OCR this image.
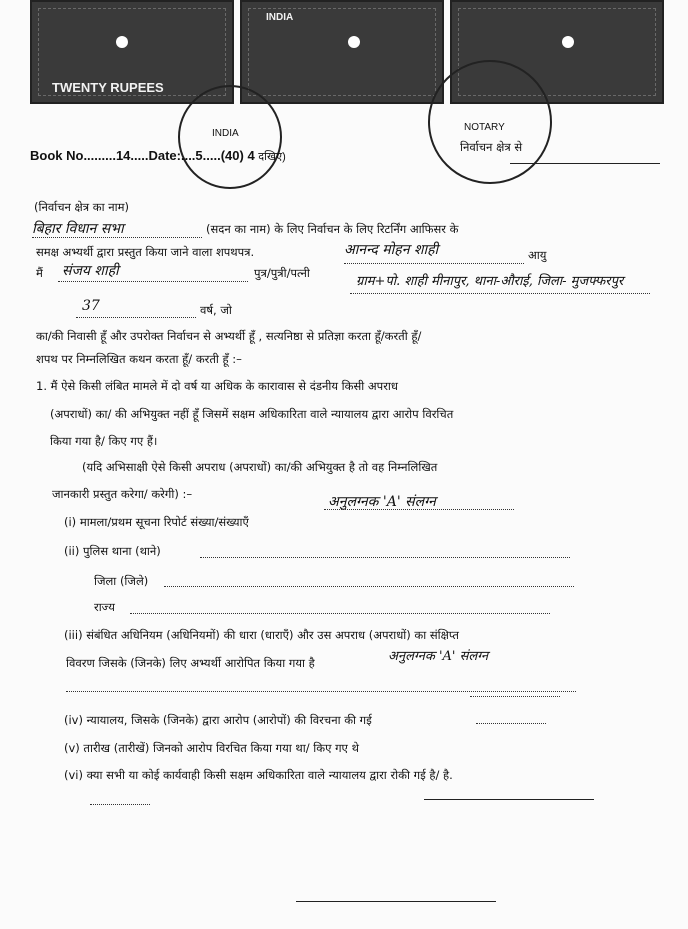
TWENTY RUPEES
INDIA
INDIA
NOTARY
Book No.........14.....Date:....5.....(40) 4 दखिए)
निर्वाचन क्षेत्र से
(निर्वाचन क्षेत्र का नाम)
बिहार विधान सभा	(सदन का नाम) के लिए निर्वाचन के लिए रिटर्निंग आफिसर के
समक्ष अभ्यर्थी द्वारा प्रस्तुत किया जाने वाला शपथपत्र.
मैं संजय शाही	पुत्र/पुत्री/पत्नी
आनन्द मोहन शाही	आयु
ग्राम+पो. शाही मीनापुर, थाना-औराई, जिला- मुजफ्फरपुर
37	वर्ष, जो
का/की निवासी हूँ और उपरोक्त निर्वाचन से अभ्यर्थी हूँ , सत्यनिष्ठा से प्रतिज्ञा करता हूँ/करती हूँ/
शपथ पर निम्नलिखित कथन करता हूँ/ करती हूँ :–
1. मैं ऐसे किसी लंबित मामले में दो वर्ष या अधिक के कारावास से दंडनीय किसी अपराध
(अपराधों) का/ की अभियुक्त नहीं हूँ जिसमें सक्षम अधिकारिता वाले न्यायालय द्वारा आरोप विरचित
किया गया है/ किए गए हैं।
(यदि अभिसाक्षी ऐसे किसी अपराध (अपराधों) का/की अभियुक्त है तो वह निम्नलिखित
जानकारी प्रस्तुत करेगा/ करेगी) :–
(i) मामला/प्रथम सूचना रिपोर्ट संख्या/संख्याएँ
अनुलग्नक 'A' संलग्न
(ii) पुलिस थाना (थाने)
जिला (जिले)
राज्य
(iii) संबंधित अधिनियम (अधिनियमों) की धारा (धाराएँ) और उस अपराध (अपराधों) का संक्षिप्त
विवरण जिसके (जिनके) लिए अभ्यर्थी आरोपित किया गया है	अनुलग्नक 'A' संलग्न
(iv) न्यायालय, जिसके (जिनके) द्वारा आरोप (आरोपों) की विरचना की गई
(v) तारीख (तारीखें) जिनको आरोप विरचित किया गया था/ किए गए थे
(vi) क्या सभी या कोई कार्यवाही किसी सक्षम अधिकारिता वाले न्यायालय द्वारा रोकी गई है/ है.
